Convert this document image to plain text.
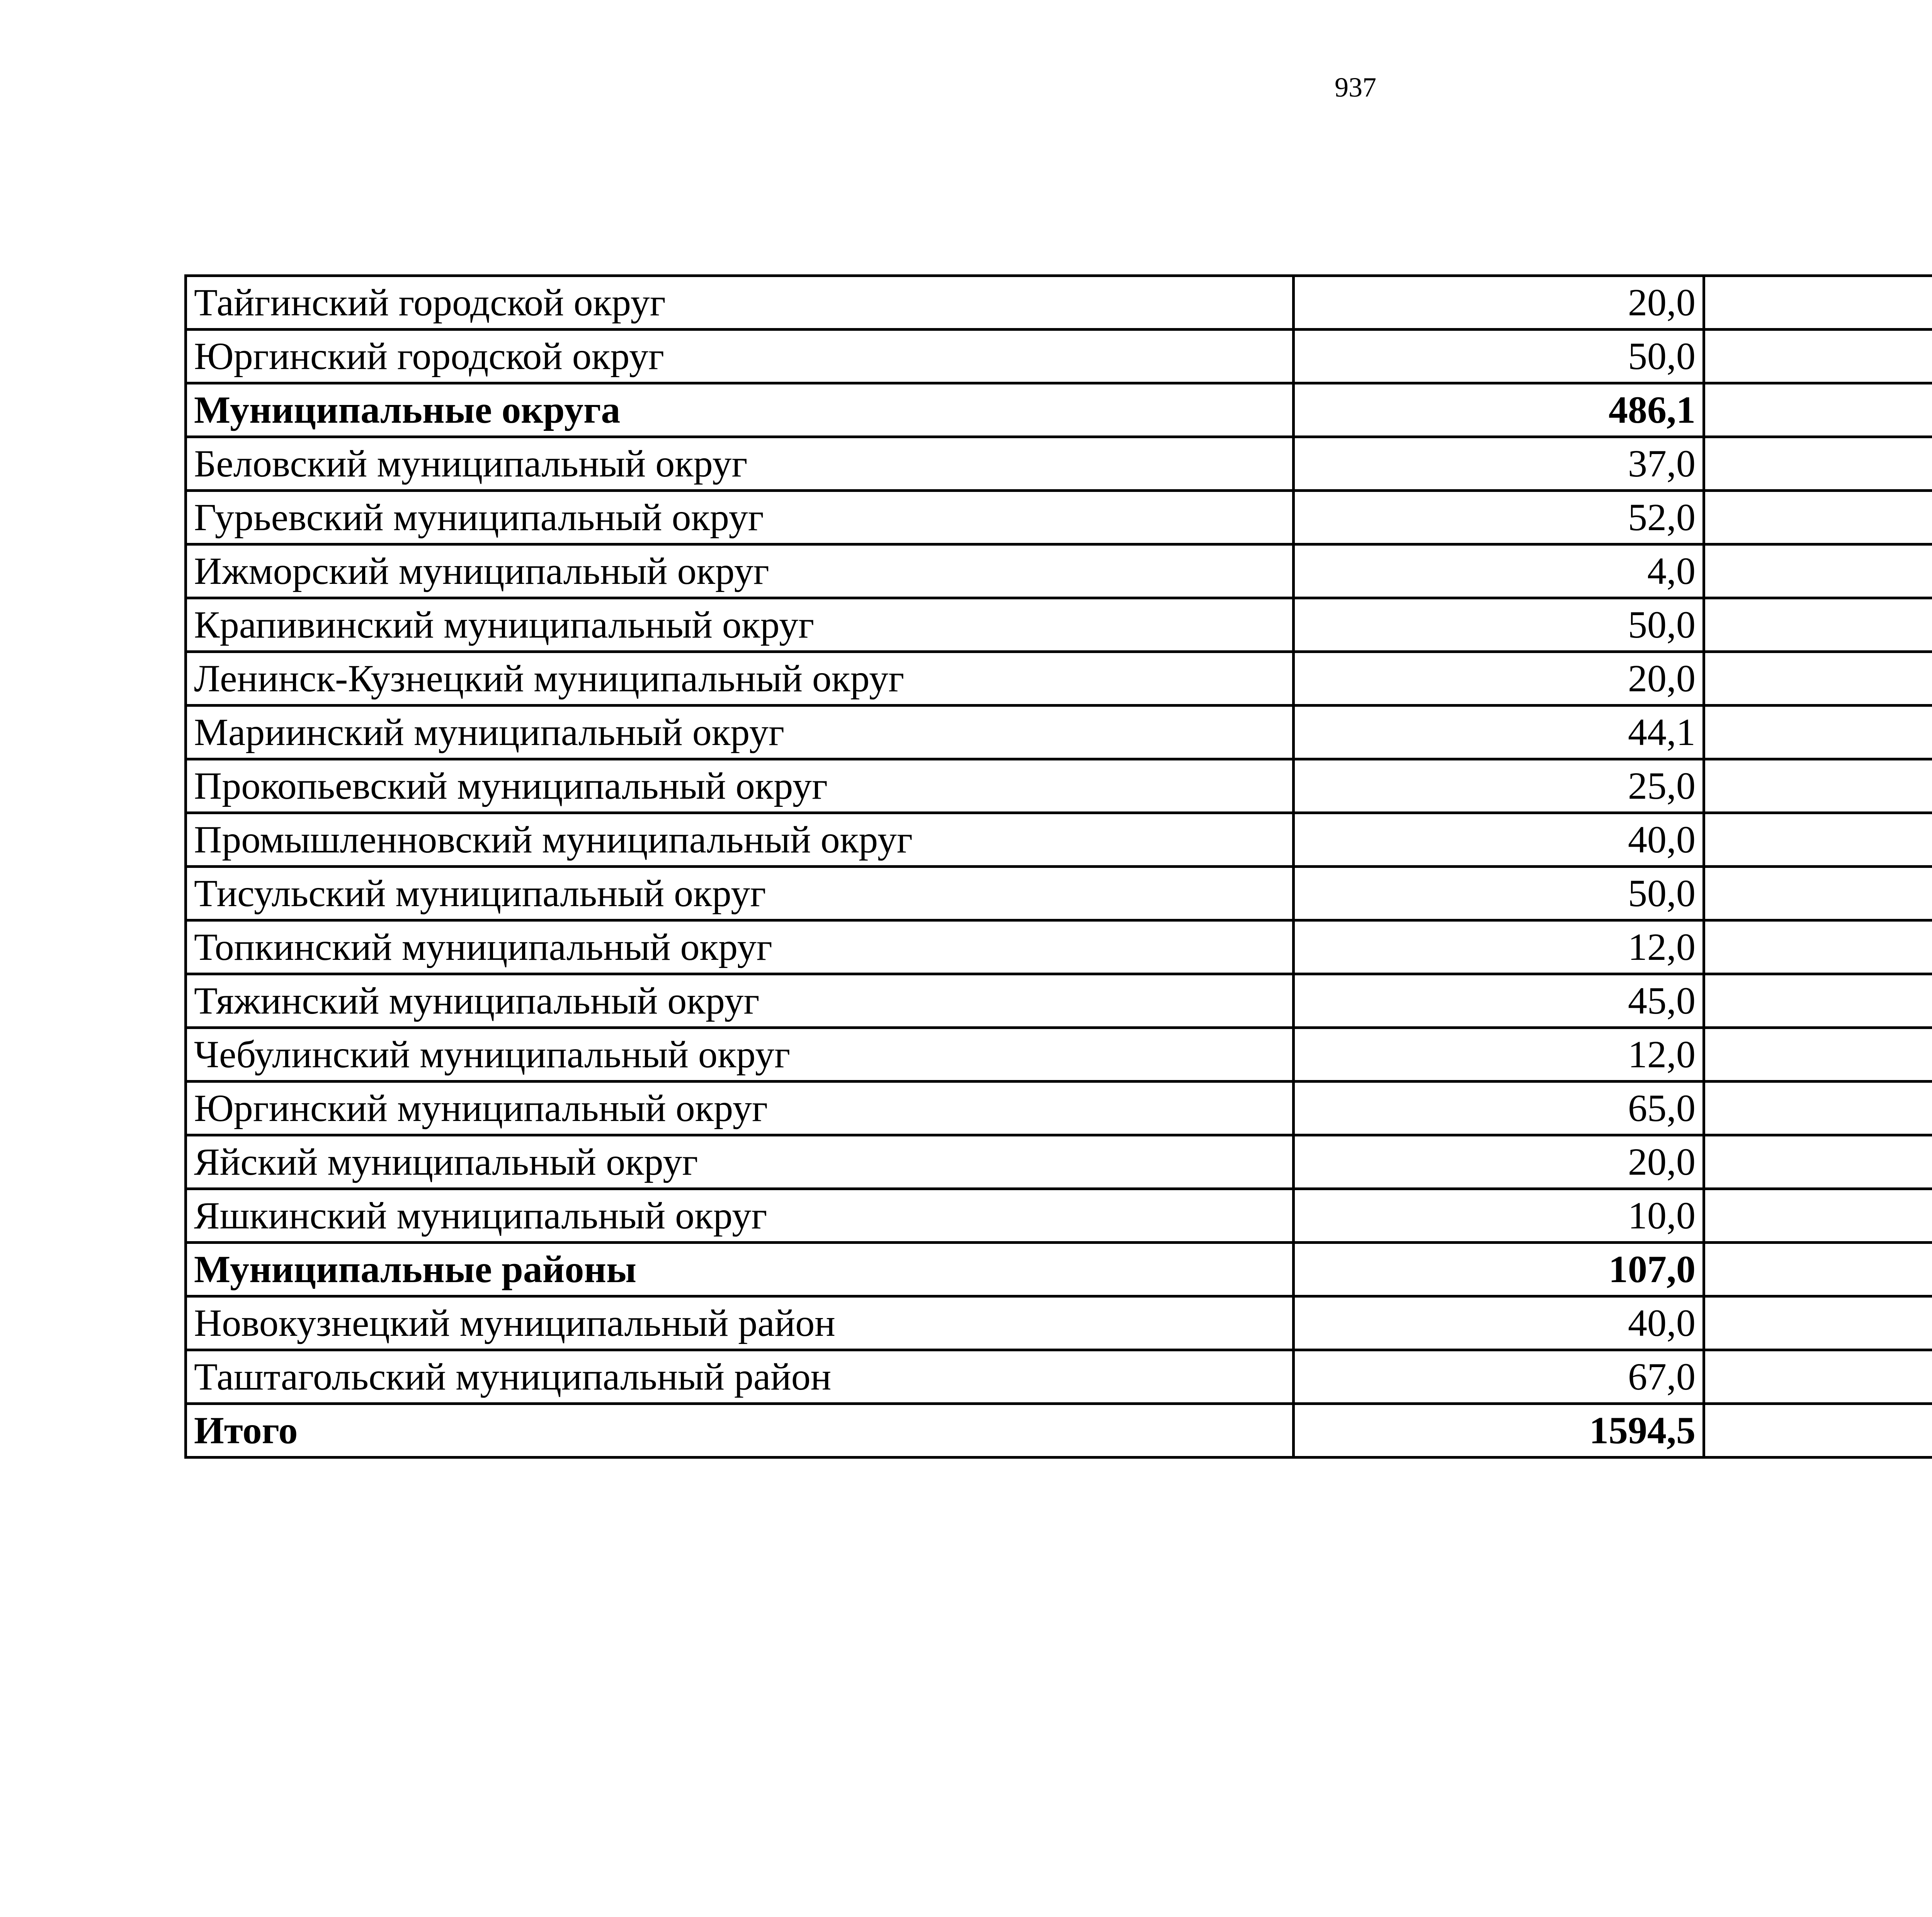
937
Тайгинский городской округ	20,0		
Юргинский городской округ	50,0		
Муниципальные округа	486,1		
Беловский муниципальный округ	37,0		
Гурьевский муниципальный округ	52,0		
Ижморский муниципальный округ	4,0		
Крапивинский муниципальный округ	50,0		
Ленинск-Кузнецкий муниципальный округ	20,0		
Мариинский муниципальный округ	44,1		
Прокопьевский муниципальный округ	25,0		
Промышленновский муниципальный округ	40,0		
Тисульский муниципальный округ	50,0		
Топкинский муниципальный округ	12,0		
Тяжинский муниципальный округ	45,0		
Чебулинский муниципальный округ	12,0		
Юргинский муниципальный округ	65,0		
Яйский муниципальный округ	20,0		
Яшкинский муниципальный округ	10,0		
Муниципальные районы	107,0		
Новокузнецкий муниципальный район	40,0		
Таштагольский муниципальный район	67,0		
Итого	1594,5		
